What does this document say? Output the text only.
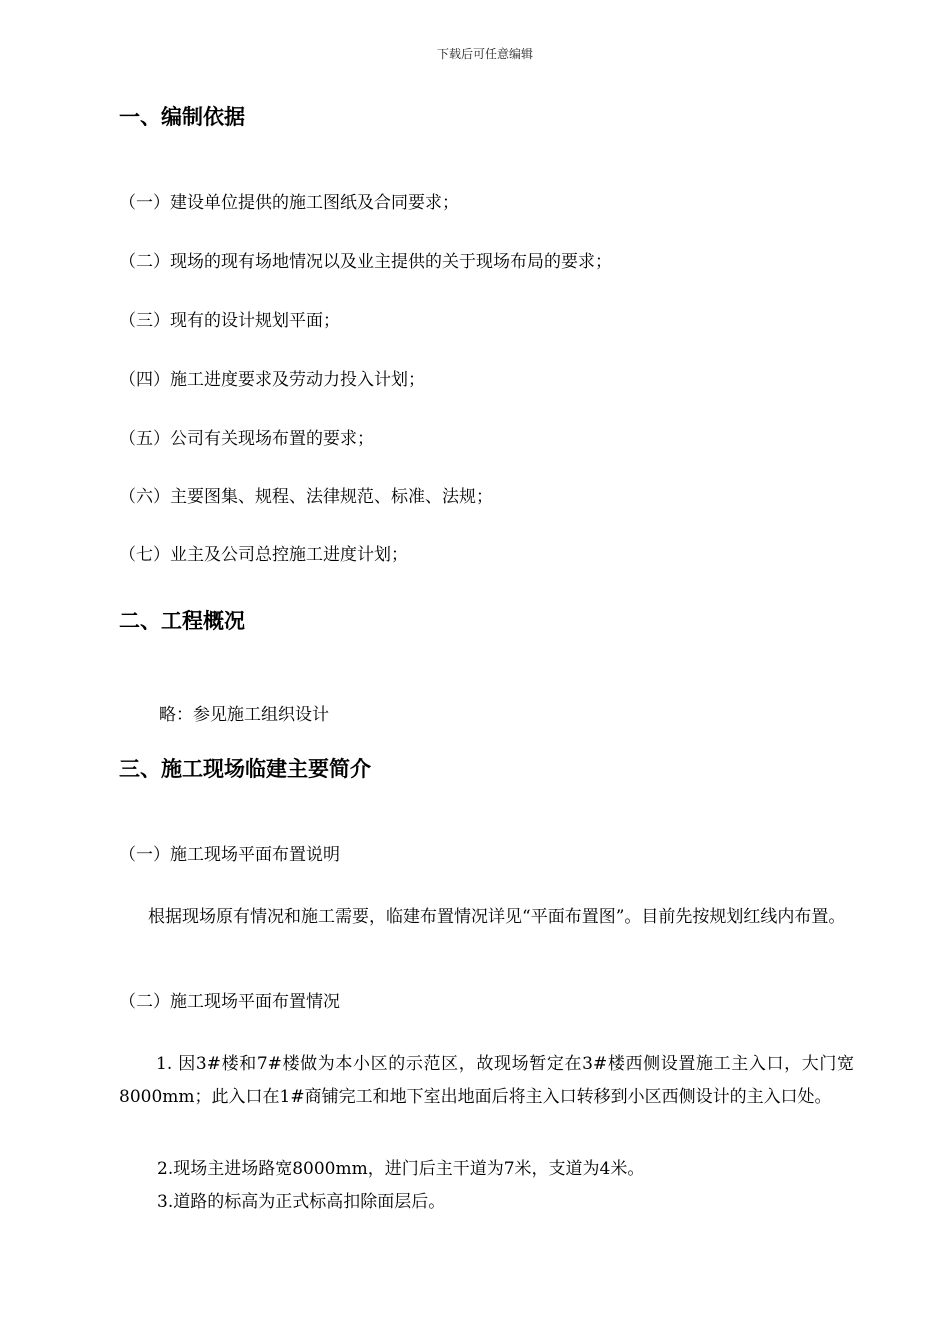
下载后可任意编辑
一、编制依据
（一）建设单位提供的施工图纸及合同要求；
（二）现场的现有场地情况以及业主提供的关于现场布局的要求；
（三）现有的设计规划平面；
（四）施工进度要求及劳动力投入计划；
（五）公司有关现场布置的要求；
（六）主要图集、规程、法律规范、标准、法规；
（七）业主及公司总控施工进度计划；
二、工程概况
略：参见施工组织设计
三、施工现场临建主要简介
（一）施工现场平面布置说明
根据现场原有情况和施工需要，临建布置情况详见“平面布置图”。目前先按规划红线内布置。
（二）施工现场平面布置情况
1. 因3#楼和7#楼做为本小区的示范区，故现场暂定在3#楼西侧设置施工主入口，大门宽8000mm；此入口在1#商铺完工和地下室出地面后将主入口转移到小区西侧设计的主入口处。
2.现场主进场路宽8000mm，进门后主干道为7米，支道为4米。
3.道路的标高为正式标高扣除面层后。
